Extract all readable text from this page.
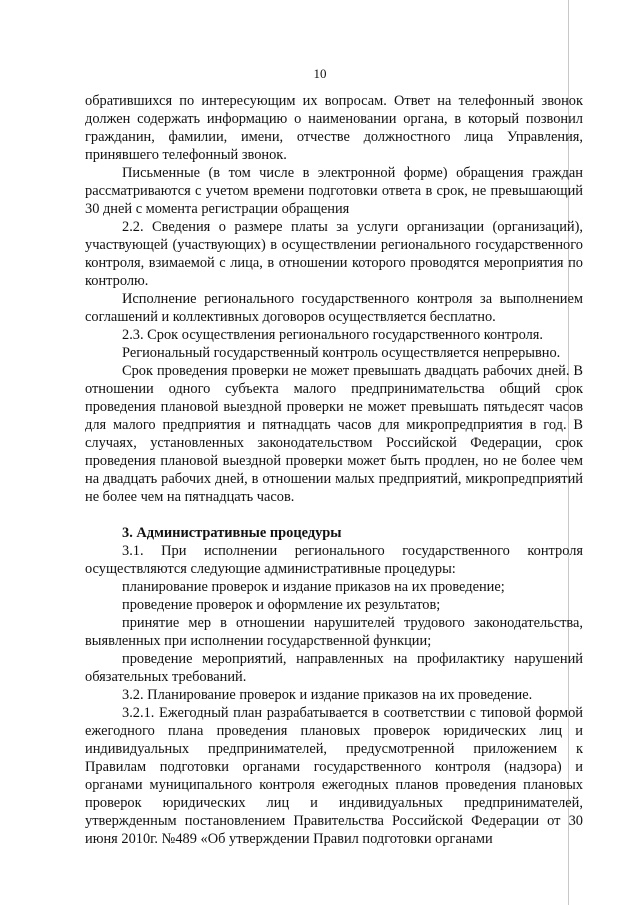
10

обратившихся по интересующим их вопросам. Ответ на телефонный звонок должен содержать информацию о наименовании органа, в который позвонил гражданин, фамилии, имени, отчестве должностного лица Управления, принявшего телефонный звонок.

Письменные (в том числе в электронной форме) обращения граждан рассматриваются с учетом времени подготовки ответа в срок, не превышающий 30 дней с момента регистрации обращения

2.2. Сведения о размере платы за услуги организации (организаций), участвующей (участвующих) в осуществлении регионального государственного контроля, взимаемой с лица, в отношении которого проводятся мероприятия по контролю.

Исполнение регионального государственного контроля за выполнением соглашений и коллективных договоров осуществляется бесплатно.

2.3. Срок осуществления регионального государственного контроля.

Региональный государственный контроль осуществляется непрерывно.

Срок проведения проверки не может превышать двадцать рабочих дней. В отношении одного субъекта малого предпринимательства общий срок проведения плановой выездной проверки не может превышать пятьдесят часов для малого предприятия и пятнадцать часов для микропредприятия в год. В случаях, установленных законодательством Российской Федерации, срок проведения плановой выездной проверки может быть продлен, но не более чем на двадцать рабочих дней, в отношении малых предприятий, микропредприятий не более чем на пятнадцать часов.

3. Административные процедуры

3.1. При исполнении регионального государственного контроля осуществляются следующие административные процедуры:

планирование проверок и издание приказов на их проведение;

проведение проверок и оформление их результатов;

принятие мер в отношении нарушителей трудового законодательства, выявленных при исполнении государственной функции;

проведение мероприятий, направленных на профилактику нарушений обязательных требований.

3.2. Планирование проверок и издание приказов на их проведение.

3.2.1. Ежегодный план разрабатывается в соответствии с типовой формой ежегодного плана проведения плановых проверок юридических лиц и индивидуальных предпринимателей, предусмотренной приложением к Правилам подготовки органами государственного контроля (надзора) и органами муниципального контроля ежегодных планов проведения плановых проверок юридических лиц и индивидуальных предпринимателей, утвержденным постановлением Правительства Российской Федерации от 30 июня 2010г. №489 «Об утверждении Правил подготовки органами
